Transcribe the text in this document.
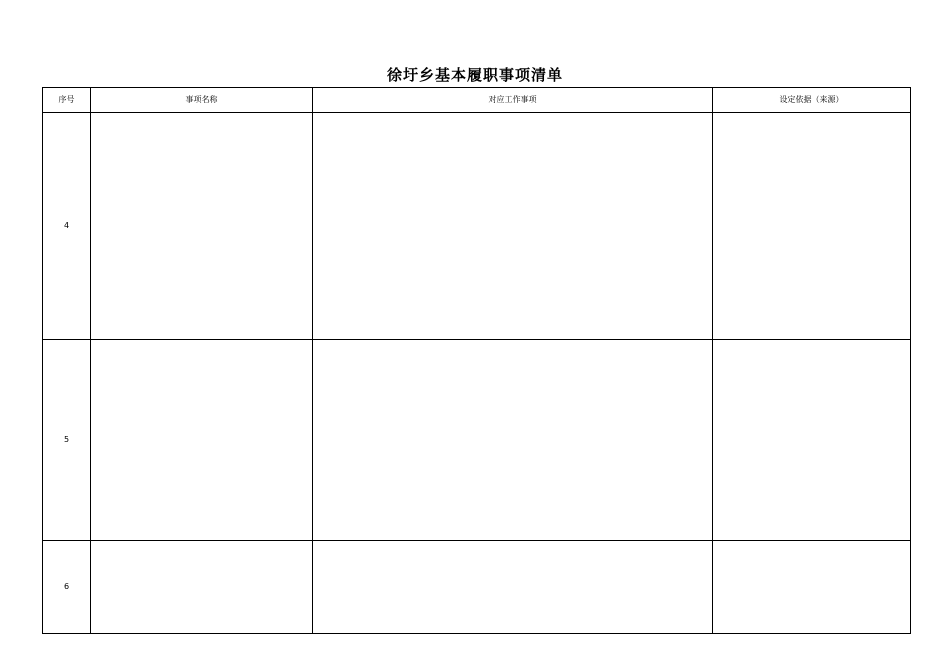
徐圩乡基本履职事项清单
序号	事项名称	对应工作事项	设定依据（来源）
4			
5			
6			
